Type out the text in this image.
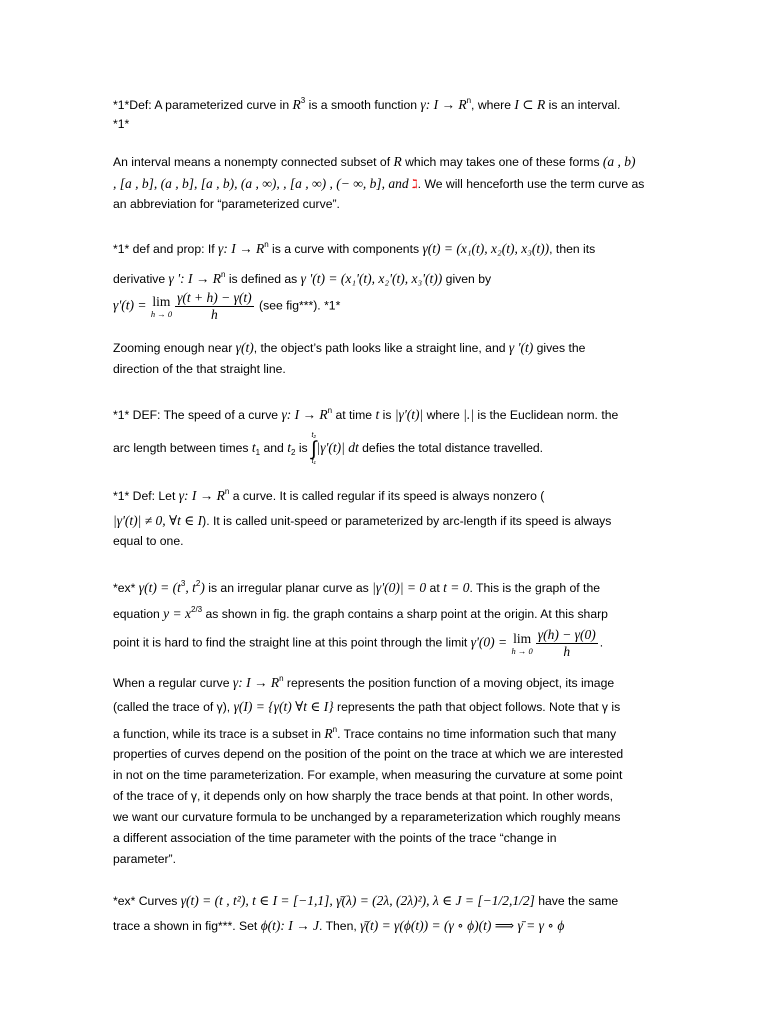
*1*Def: A parameterized curve in $R^3$ is a smooth function γ: $I \to R^n$, where I ⊂ R is an interval.
*1*
An interval means a nonempty connected subset of R which may takes one of these forms (a , b)
, [a , b], (a , b], [a , b), (a , ∞), , [a , ∞) , (− ∞, b], and ℷ. We will henceforth use the term curve as
an abbreviation for “parameterized curve”.
*1* def and prop: If γ: $I \to R^n$ is a curve with components γ(t) = (x₁(t), x₂(t), x₃(t)), then its
derivative γ ': $I \to R^n$ is defined as γ '(t) = (x₁'(t), x₂'(t), x₃'(t)) given by
γ'(t) = lim
$h \to 0 \frac{\gamma(t + h) - \gamma(t)}{h} (see$ fig***). *1*
Zooming enough near γ(t), the object’s path looks like a straight line, and γ '(t) gives the
direction of the that straight line.
*1* DEF: The speed of a curve γ: $I \to R^n$ at time t is |γ'(t)| where |.| is the Euclidean norm. the
arc length between times $t_1$ and $t_2$ is
t₂
∫
t₁
|γ'(t)| dt defies the total distance travelled.
*1* Def: Let γ: $I \to R^n$ a curve. It is called regular if its speed is always nonzero (
|γ'(t)| ≠ 0, ∀t ∈ I). It is called unit-speed or parameterized by arc-length if its speed is always
equal to one.
*ex* $\gamma(t) = (t^3$, $t^2$) is an irregular planar curve as |γ'(0)| = 0 at t = 0. This is the graph of the
equation $y = x^{2/3}$ as shown in fig. the graph contains a sharp point at the origin. At this sharp
point it is hard to find the straight line at this point through the limit γ'(0) = lim
$h \to 0 \frac{\gamma(h) - \gamma(0)}{h}$ .
When a regular curve γ: $I \to R^n$ represents the position function of a moving object, its image
(called the trace of γ), γ(I) = {γ(t) ∀t ∈ I} represents the path that object follows. Note that γ is
a function, while its trace is a subset in $R^n$. Trace contains no time information such that many
properties of curves depend on the position of the point on the trace at which we are interested
in not on the time parameterization. For example, when measuring the curvature at some point
of the trace of γ, it depends only on how sharply the trace bends at that point. In other words,
we want our curvature formula to be unchanged by a reparameterization which roughly means
a different association of the time parameter with the points of the trace “change in
parameter”.
*ex* Curves γ(t) = (t , t²), t ∈ I = [−1,1], γ̄(λ) = (2λ, (2λ)²), λ ∈ J = [−1/2,1/2] have the same
trace a shown in fig***. Set ϕ(t): I → J. Then, γ̄(t) = γ(ϕ(t)) = (γ ∘ ϕ)(t) ⟹ γ̄ = γ ∘ ϕ
